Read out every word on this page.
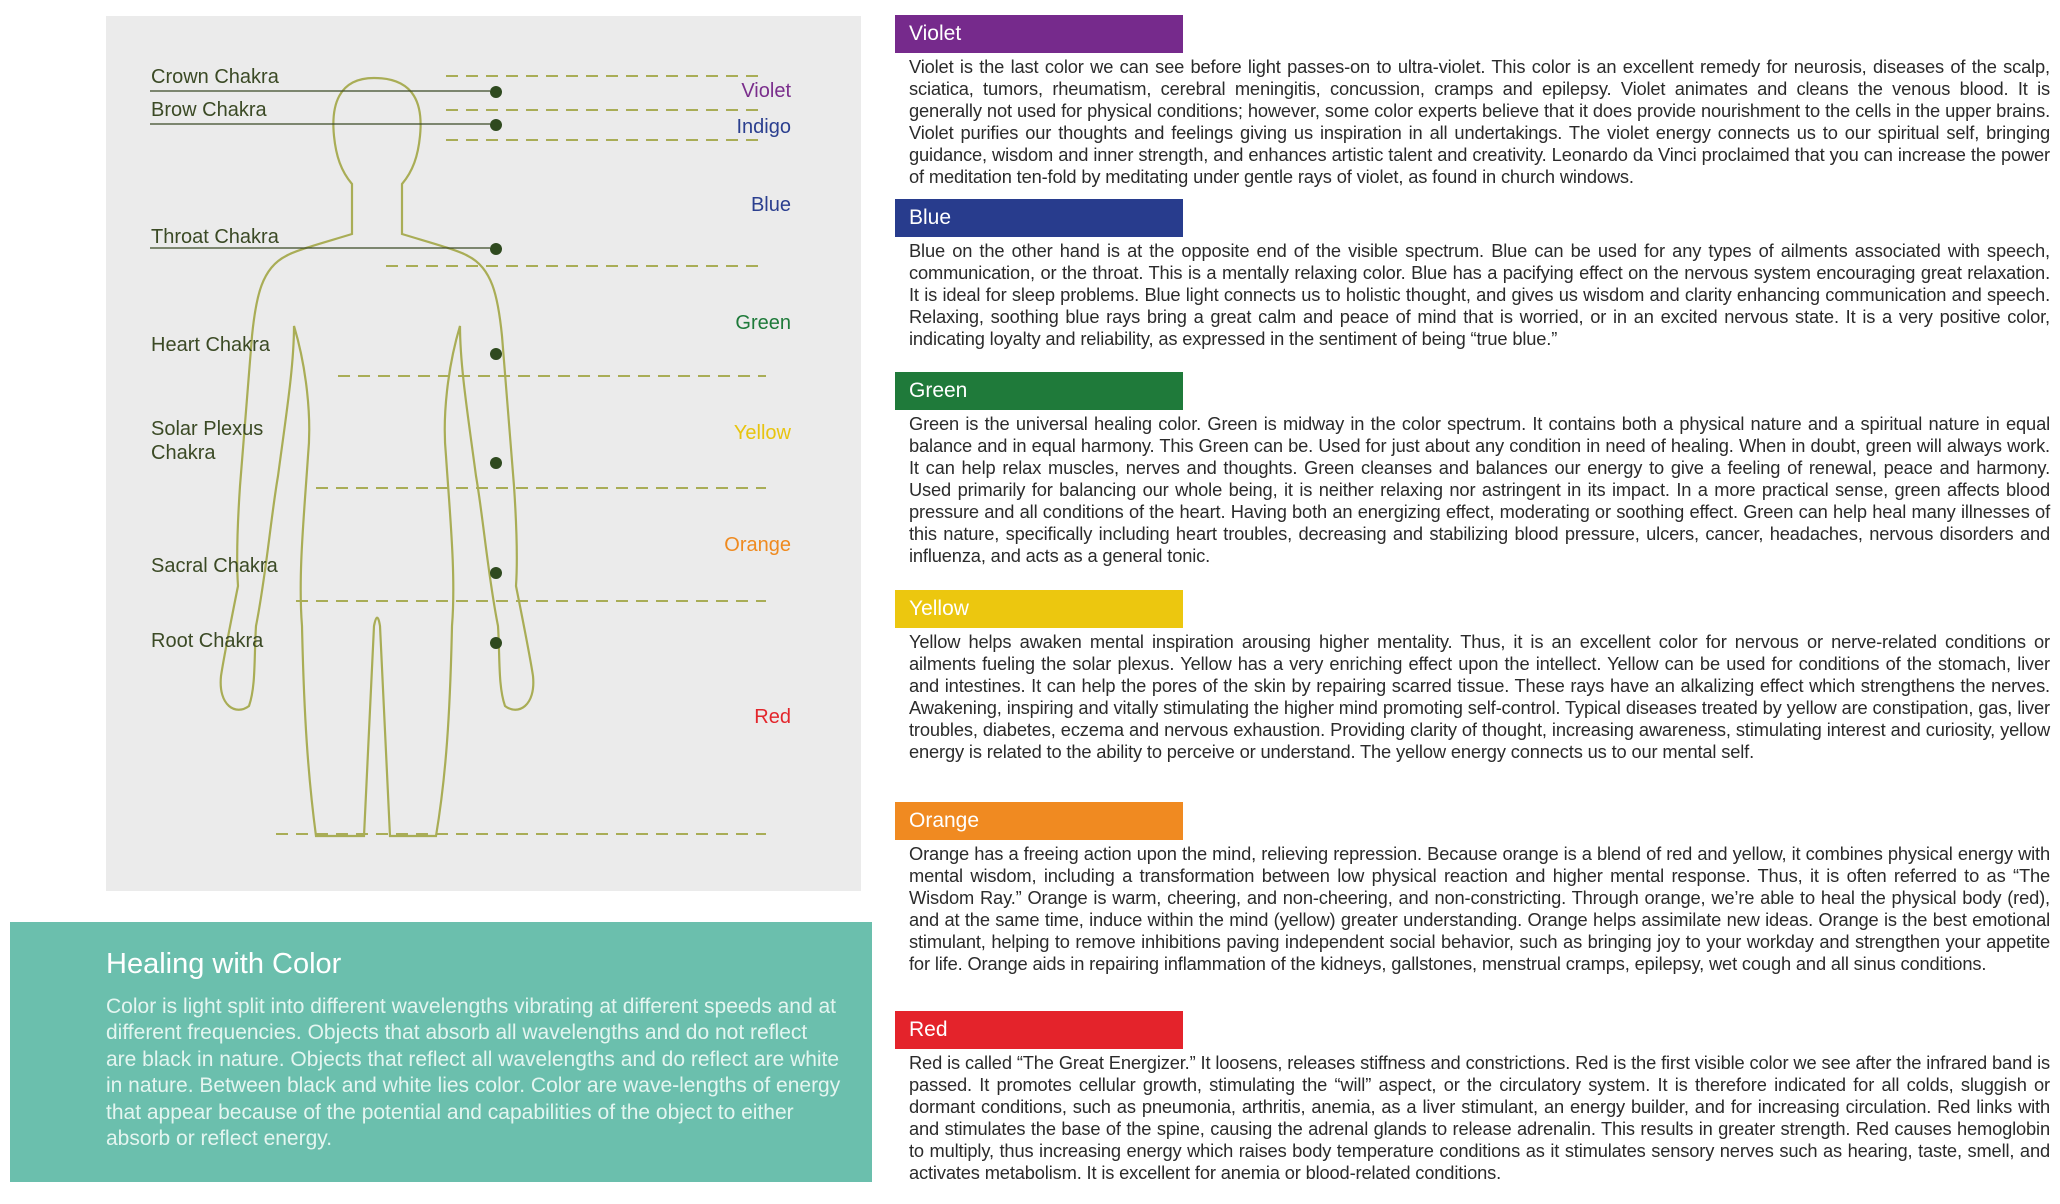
Crown Chakra
Brow Chakra
Throat Chakra
Heart Chakra
Solar Plexus
Chakra
Sacral Chakra
Root Chakra
Violet
Indigo
Blue
Green
Yellow
Orange
Red
Healing with Color
Color is light split into different wavelengths vibrating at different speeds and at different frequencies. Objects that absorb all wavelengths and do not reflect are black in nature. Objects that reflect all wavelengths and do reflect are white in nature. Between black and white lies color. Color are wave-lengths of energy that appear because of the potential and capabilities of the object to either absorb or reflect energy.
Violet
Violet is the last color we can see before light passes-on to ultra-violet. This color is an excellent remedy for neurosis, diseases of the scalp, sciatica, tumors, rheumatism, cerebral meningitis, concussion, cramps and epilepsy. Violet animates and cleans the venous blood. It is generally not used for physical conditions; however, some color experts believe that it does provide nourishment to the cells in the upper brains. Violet purifies our thoughts and feelings giving us inspiration in all undertakings. The violet energy connects us to our spiritual self, bringing guidance, wisdom and inner strength, and enhances artistic talent and creativity. Leonardo da Vinci proclaimed that you can increase the power of meditation ten-fold by meditating under gentle rays of violet, as found in church windows.
Blue
Blue on the other hand is at the opposite end of the visible spectrum. Blue can be used for any types of ailments associated with speech, communication, or the throat. This is a mentally relaxing color. Blue has a pacifying effect on the nervous system encouraging great relaxation. It is ideal for sleep problems. Blue light connects us to holistic thought, and gives us wisdom and clarity enhancing communication and speech. Relaxing, soothing blue rays bring a great calm and peace of mind that is worried, or in an excited nervous state. It is a very positive color, indicating loyalty and reliability, as expressed in the sentiment of being “true blue.”
Green
Green is the universal healing color. Green is midway in the color spectrum. It contains both a physical nature and a spiritual nature in equal balance and in equal harmony. This Green can be. Used for just about any condition in need of healing. When in doubt, green will always work. It can help relax muscles, nerves and thoughts. Green cleanses and balances our energy to give a feeling of renewal, peace and harmony. Used primarily for balancing our whole being, it is neither relaxing nor astringent in its impact. In a more practical sense, green affects blood pressure and all conditions of the heart. Having both an energizing effect, moderating or soothing effect. Green can help heal many illnesses of this nature, specifically including heart troubles, decreasing and stabilizing blood pressure, ulcers, cancer, headaches, nervous disorders and influenza, and acts as a general tonic.
Yellow
Yellow helps awaken mental inspiration arousing higher mentality. Thus, it is an excellent color for nervous or nerve-related conditions or ailments fueling the solar plexus. Yellow has a very enriching effect upon the intellect. Yellow can be used for conditions of the stomach, liver and intestines. It can help the pores of the skin by repairing scarred tissue. These rays have an alkalizing effect which strengthens the nerves. Awakening, inspiring and vitally stimulating the higher mind promoting self-control. Typical diseases treated by yellow are constipation, gas, liver troubles, diabetes, eczema and nervous exhaustion. Providing clarity of thought, increasing awareness, stimulating interest and curiosity, yellow energy is related to the ability to perceive or understand. The yellow energy connects us to our mental self.
Orange
Orange has a freeing action upon the mind, relieving repression. Because orange is a blend of red and yellow, it combines physical energy with mental wisdom, including a transformation between low physical reaction and higher mental response. Thus, it is often referred to as “The Wisdom Ray.” Orange is warm, cheering, and non-cheering, and non-constricting. Through orange, we’re able to heal the physical body (red), and at the same time, induce within the mind (yellow) greater understanding. Orange helps assimilate new ideas. Orange is the best emotional stimulant, helping to remove inhibitions paving independent social behavior, such as bringing joy to your workday and strengthen your appetite for life. Orange aids in repairing inflammation of the kidneys, gallstones, menstrual cramps, epilepsy, wet cough and all sinus conditions.
Red
Red is called “The Great Energizer.” It loosens, releases stiffness and constrictions. Red is the first visible color we see after the infrared band is passed. It promotes cellular growth, stimulating the “will” aspect, or the circulatory system. It is therefore indicated for all colds, sluggish or dormant conditions, such as pneumonia, arthritis, anemia, as a liver stimulant, an energy builder, and for increasing circulation. Red links with and stimulates the base of the spine, causing the adrenal glands to release adrenalin. This results in greater strength. Red causes hemoglobin to multiply, thus increasing energy which raises body temperature conditions as it stimulates sensory nerves such as hearing, taste, smell, and activates metabolism. It is excellent for anemia or blood-related conditions.
